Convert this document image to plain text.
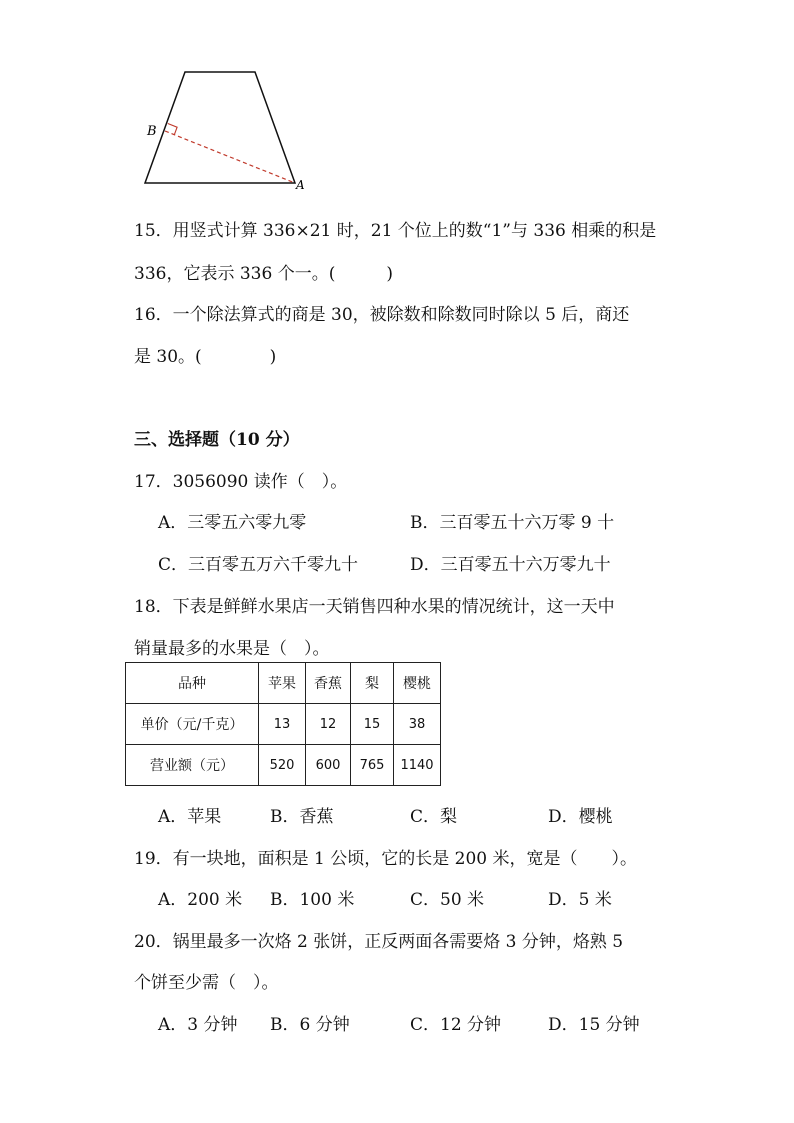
B
A
15．用竖式计算 336×21 时，21 个位上的数“1”与 336 相乘的积是
336，它表示 336 个一。(　　　)
16．一个除法算式的商是 30，被除数和除数同时除以 5 后，商还
是 30。(　　　　)
三、选择题（10 分）
17．3056090 读作（　）。
A．三零五六零九零	B．三百零五十六万零 9 十
C．三百零五万六千零九十	D．三百零五十六万零九十
18．下表是鲜鲜水果店一天销售四种水果的情况统计，这一天中
销量最多的水果是（　）。
品种	苹果	香蕉	梨	樱桃
单价（元/千克）	13	12	15	38
营业额（元）	520	600	765	1140
A．苹果	B．香蕉	C．梨	D．樱桃
19．有一块地，面积是 1 公顷，它的长是 200 米，宽是（　　）。
A．200 米 B．100 米	C．50 米	D．5 米
20．锅里最多一次烙 2 张饼，正反两面各需要烙 3 分钟，烙熟 5
个饼至少需（　）。
A．3 分钟 B．6 分钟	C．12 分钟	D．15 分钟
